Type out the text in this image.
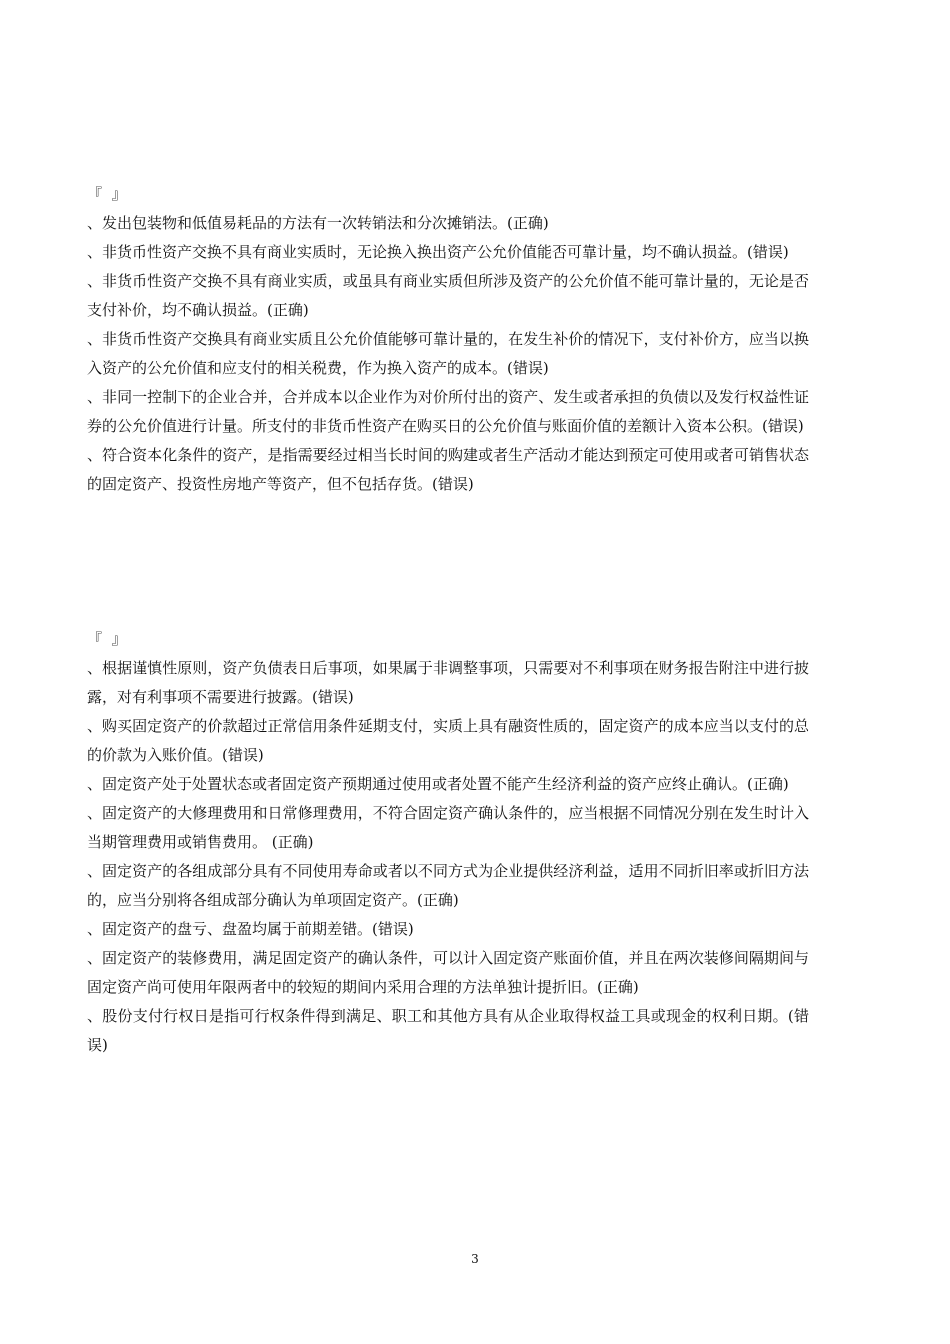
『  』

、发出包装物和低值易耗品的方法有一次转销法和分次摊销法。(正确)

、非货币性资产交换不具有商业实质时，无论换入换出资产公允价值能否可靠计量，均不确认损益。(错误)

、非货币性资产交换不具有商业实质，或虽具有商业实质但所涉及资产的公允价值不能可靠计量的，无论是否支付补价，均不确认损益。(正确)

、非货币性资产交换具有商业实质且公允价值能够可靠计量的，在发生补价的情况下，支付补价方，应当以换入资产的公允价值和应支付的相关税费，作为换入资产的成本。(错误)

、非同一控制下的企业合并，合并成本以企业作为对价所付出的资产、发生或者承担的负债以及发行权益性证券的公允价值进行计量。所支付的非货币性资产在购买日的公允价值与账面价值的差额计入资本公积。(错误)

、符合资本化条件的资产，是指需要经过相当长时间的购建或者生产活动才能达到预定可使用或者可销售状态的固定资产、投资性房地产等资产，但不包括存货。(错误)

『  』

、根据谨慎性原则，资产负债表日后事项，如果属于非调整事项，只需要对不利事项在财务报告附注中进行披露，对有利事项不需要进行披露。(错误)

、购买固定资产的价款超过正常信用条件延期支付，实质上具有融资性质的，固定资产的成本应当以支付的总的价款为入账价值。(错误)

、固定资产处于处置状态或者固定资产预期通过使用或者处置不能产生经济利益的资产应终止确认。(正确)

、固定资产的大修理费用和日常修理费用，不符合固定资产确认条件的，应当根据不同情况分别在发生时计入当期管理费用或销售费用。 (正确)

、固定资产的各组成部分具有不同使用寿命或者以不同方式为企业提供经济利益，适用不同折旧率或折旧方法的，应当分别将各组成部分确认为单项固定资产。(正确)

、固定资产的盘亏、盘盈均属于前期差错。(错误)

、固定资产的装修费用，满足固定资产的确认条件，可以计入固定资产账面价值，并且在两次装修间隔期间与固定资产尚可使用年限两者中的较短的期间内采用合理的方法单独计提折旧。(正确)

、股份支付行权日是指可行权条件得到满足、职工和其他方具有从企业取得权益工具或现金的权利日期。(错误)

3
